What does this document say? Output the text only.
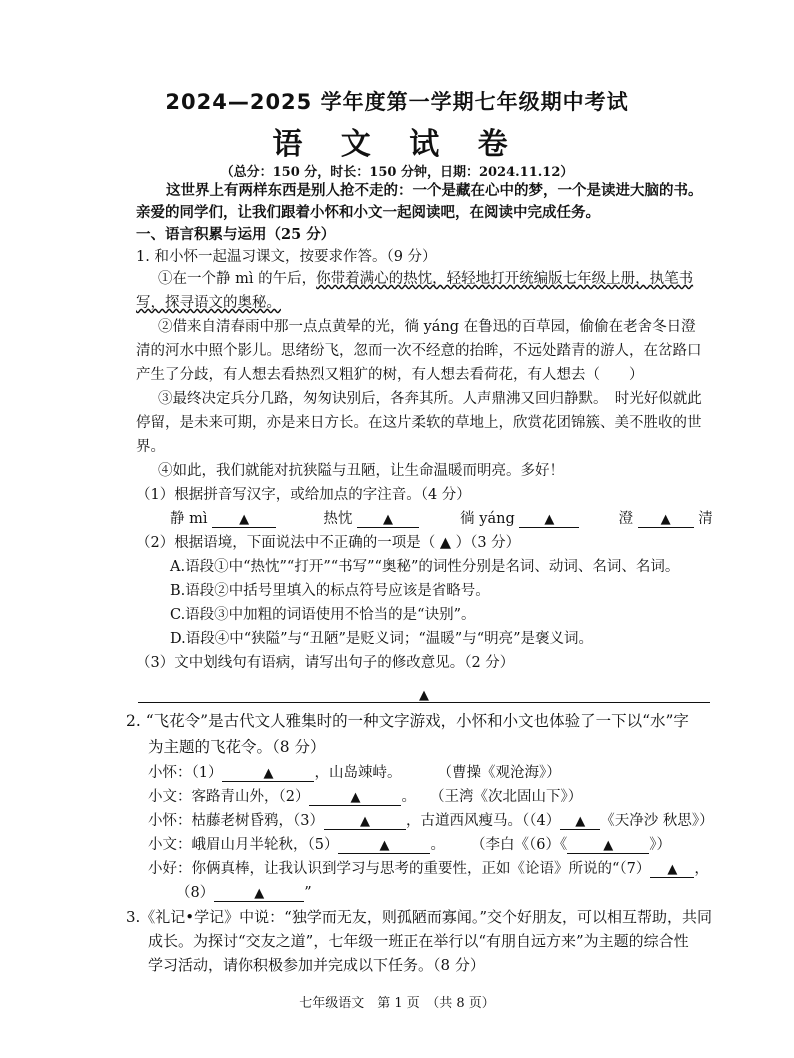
2024—2025 学年度第一学期七年级期中考试
语 文 试 卷
（总分：150 分，时长：150 分钟，日期：2024.11.12）
这世界上有两样东西是别人抢不走的：一个是藏在心中的梦，一个是读进大脑的书。
亲爱的同学们，让我们跟着小怀和小文一起阅读吧，在阅读中完成任务。
一、语言积累与运用（25 分）
1. 和小怀一起温习课文，按要求作答。（9 分）
①在一个静 mì 的午后，你带着满心的热忱，轻轻地打开统编版七年级上册，执笔书
写，探寻语文的奥秘。
②借来自清春雨中那一点点黄晕的光，徜 yáng 在鲁迅的百草园，偷偷在老舍冬日澄
清的河水中照个影儿。思绪纷飞，忽而一次不经意的抬眸，不远处踏青的游人，在岔路口
产生了分歧，有人想去看热烈又粗犷的树，有人想去看荷花，有人想去（　　）
③最终决定兵分几路，匆匆诀别后，各奔其所。人声鼎沸又回归静默。　时光好似就此
停留，是未来可期，亦是来日方长。在这片柔软的草地上，欣赏花团锦簇、美不胜收的世
界。
④如此，我们就能对抗狭隘与丑陋，让生命温暖而明亮。多好！
（1）根据拼音写汉字，或给加点的字注音。（4 分）
静 mì ▲	热忱 ▲	徜 yáng ▲	澄 ▲ 清
（2）根据语境，下面说法中不正确的一项是（ ▲ ）（3 分）
A.语段①中“热忱”“打开”“书写”“奥秘”的词性分别是名词、动词、名词、名词。
B.语段②中括号里填入的标点符号应该是省略号。
C.语段③中加粗的词语使用不恰当的是“诀别”。
D.语段④中“狭隘”与“丑陋”是贬义词；“温暖”与“明亮”是褒义词。
（3）文中划线句有语病，请写出句子的修改意见。（2 分）
▲
2. “飞花令”是古代文人雅集时的一种文字游戏，小怀和小文也体验了一下以“水”字
为主题的飞花令。（8 分）
小怀：（1）	▲	，山岛竦峙。 （曹操《观沧海》）
小文：客路青山外，（2）	▲	。 （王湾《次北固山下》）
小怀：枯藤老树昏鸦，（3）	▲ ，古道西风瘦马。（（4） ▲ 《天净沙 秋思》）
小文：峨眉山月半轮秋，（5）	▲	。 （李白《（6）《	▲ 》）
小好：你俩真棒，让我认识到学习与思考的重要性，正如《论语》所说的“（7） ▲ ，
（8）	▲	”
3.《礼记•学记》中说：“独学而无友，则孤陋而寡闻。”交个好朋友，可以相互帮助，共同
成长。为探讨“交友之道”，七年级一班正在举行以“有朋自远方来”为主题的综合性
学习活动，请你积极参加并完成以下任务。（8 分）
七年级语文　第 1 页　（共 8 页）
